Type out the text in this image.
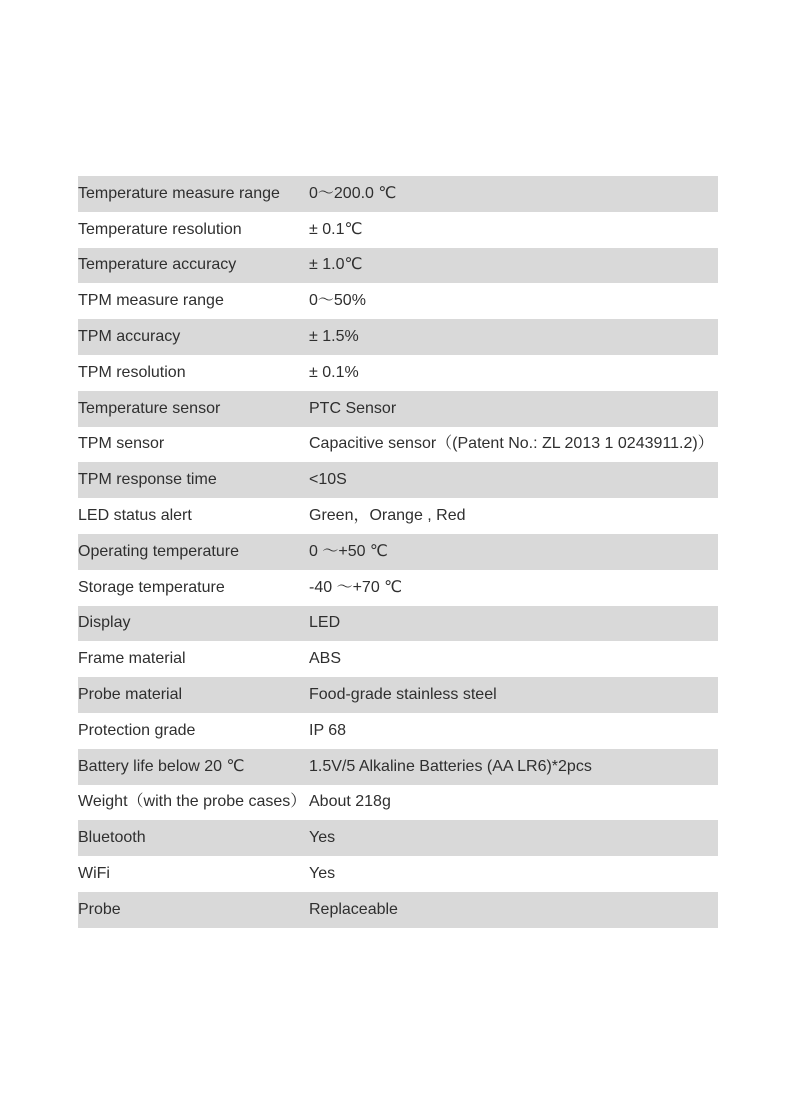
Temperature measure range	0～200.0 ℃
Temperature resolution	± 0.1℃
Temperature accuracy	± 1.0℃
TPM measure range	0～50%
TPM accuracy	± 1.5%
TPM resolution	± 0.1%
Temperature sensor	PTC Sensor
TPM sensor	Capacitive sensor（(Patent No.: ZL 2013 1 0243911.2)）
TPM response time	<10S
LED status alert	Green，Orange , Red
Operating temperature	0 ～+50 ℃
Storage temperature	-40 ～+70 ℃
Display	LED
Frame material	ABS
Probe material	Food-grade stainless steel
Protection grade	IP 68
Battery life below 20 ℃	1.5V/5 Alkaline Batteries (AA LR6)*2pcs
Weight（with the probe cases）	About 218g
Bluetooth	Yes
WiFi	Yes
Probe	Replaceable
